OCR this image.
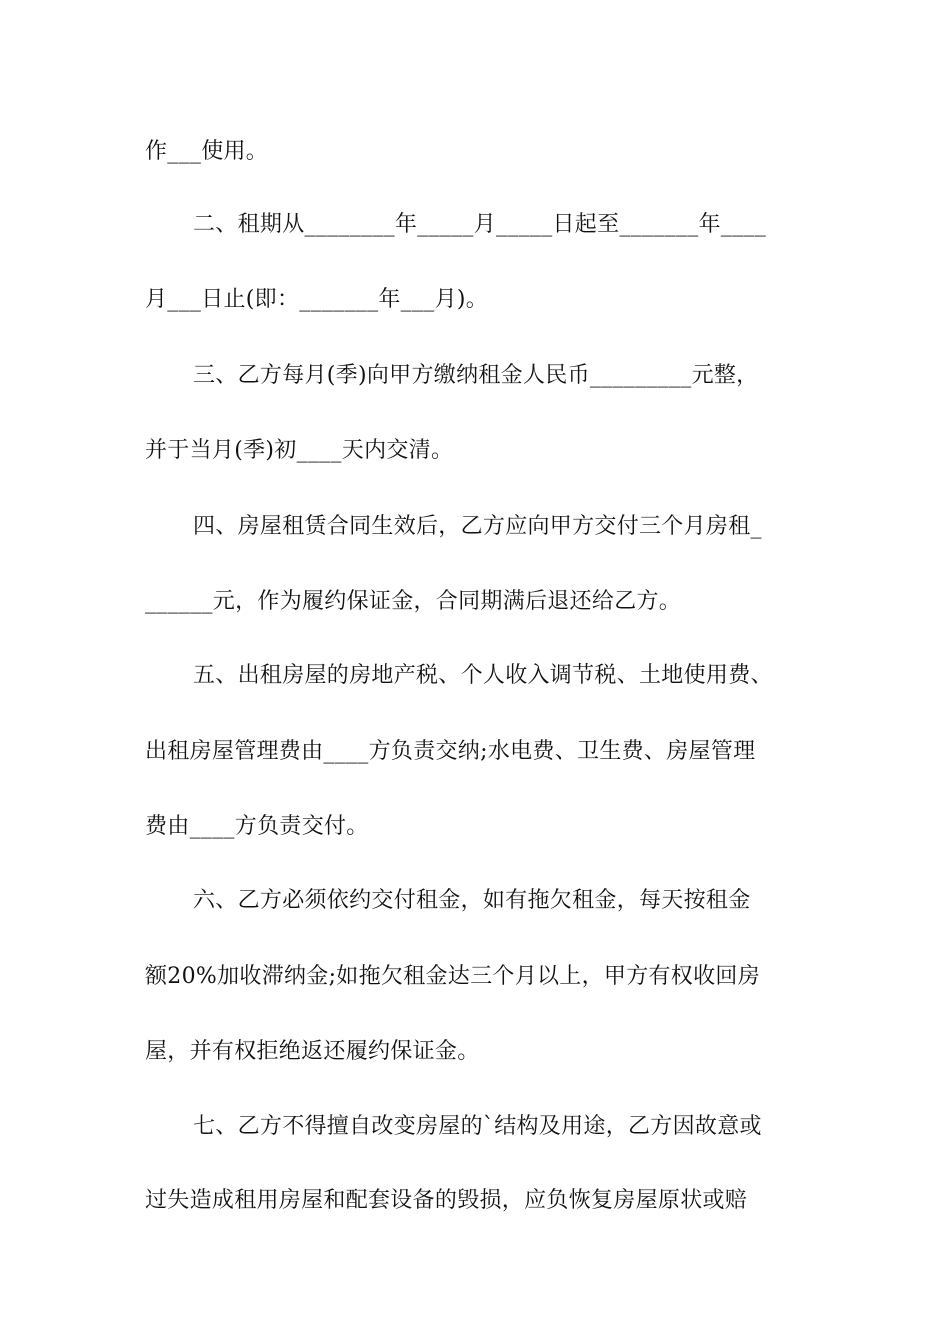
作___使用。

二、租期从________年_____月_____日起至_______年____

月___日止(即：_______年___月)。

三、乙方每月(季)向甲方缴纳租金人民币_________元整，

并于当月(季)初____天内交清。

四、房屋租赁合同生效后，乙方应向甲方交付三个月房租_

______元，作为履约保证金，合同期满后退还给乙方。

五、出租房屋的房地产税、个人收入调节税、土地使用费、

出租房屋管理费由____方负责交纳;水电费、卫生费、房屋管理

费由____方负责交付。

六、乙方必须依约交付租金，如有拖欠租金，每天按租金

额20%加收滞纳金;如拖欠租金达三个月以上，甲方有权收回房

屋，并有权拒绝返还履约保证金。

七、乙方不得擅自改变房屋的`结构及用途，乙方因故意或

过失造成租用房屋和配套设备的毁损，应负恢复房屋原状或赔
